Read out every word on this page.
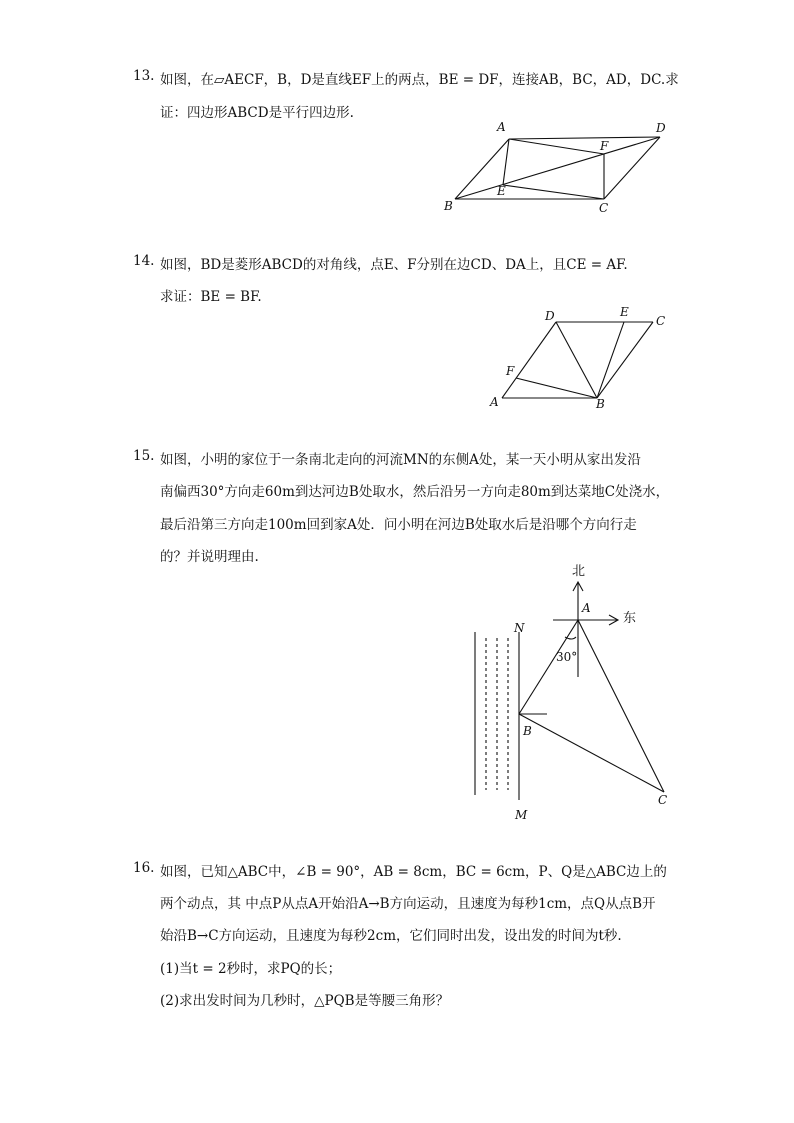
13. 如图，在▱AECF，B，D是直线EF上的两点，BE = DF，连接AB，BC，AD，DC.求
证：四边形ABCD是平行四边形.
A	D
F
E
B	C
14. 如图，BD是菱形ABCD的对角线，点E、F分别在边CD、DA上，且CE = AF.
求证：BE = BF.
D	E
C
F
A	B
15. 如图，小明的家位于一条南北走向的河流MN的东侧A处，某一天小明从家出发沿
南偏西30°方向走60m到达河边B处取水，然后沿另一方向走80m到达菜地C处浇水，
最后沿第三方向走100m回到家A处．问小明在河边B处取水后是沿哪个方向行走
的？并说明理由.
北
东
A
30°
N
M
B
C
16. 如图，已知△ABC中，∠B = 90°，AB = 8cm，BC = 6cm，P、Q是△ABC边上的
两个动点，其 中点P从点A开始沿A→B方向运动，且速度为每秒1cm，点Q从点B开
始沿B→C方向运动，且速度为每秒2cm，它们同时出发，设出发的时间为t秒.
(1)当t = 2秒时，求PQ的长；
(2)求出发时间为几秒时，△PQB是等腰三角形？
